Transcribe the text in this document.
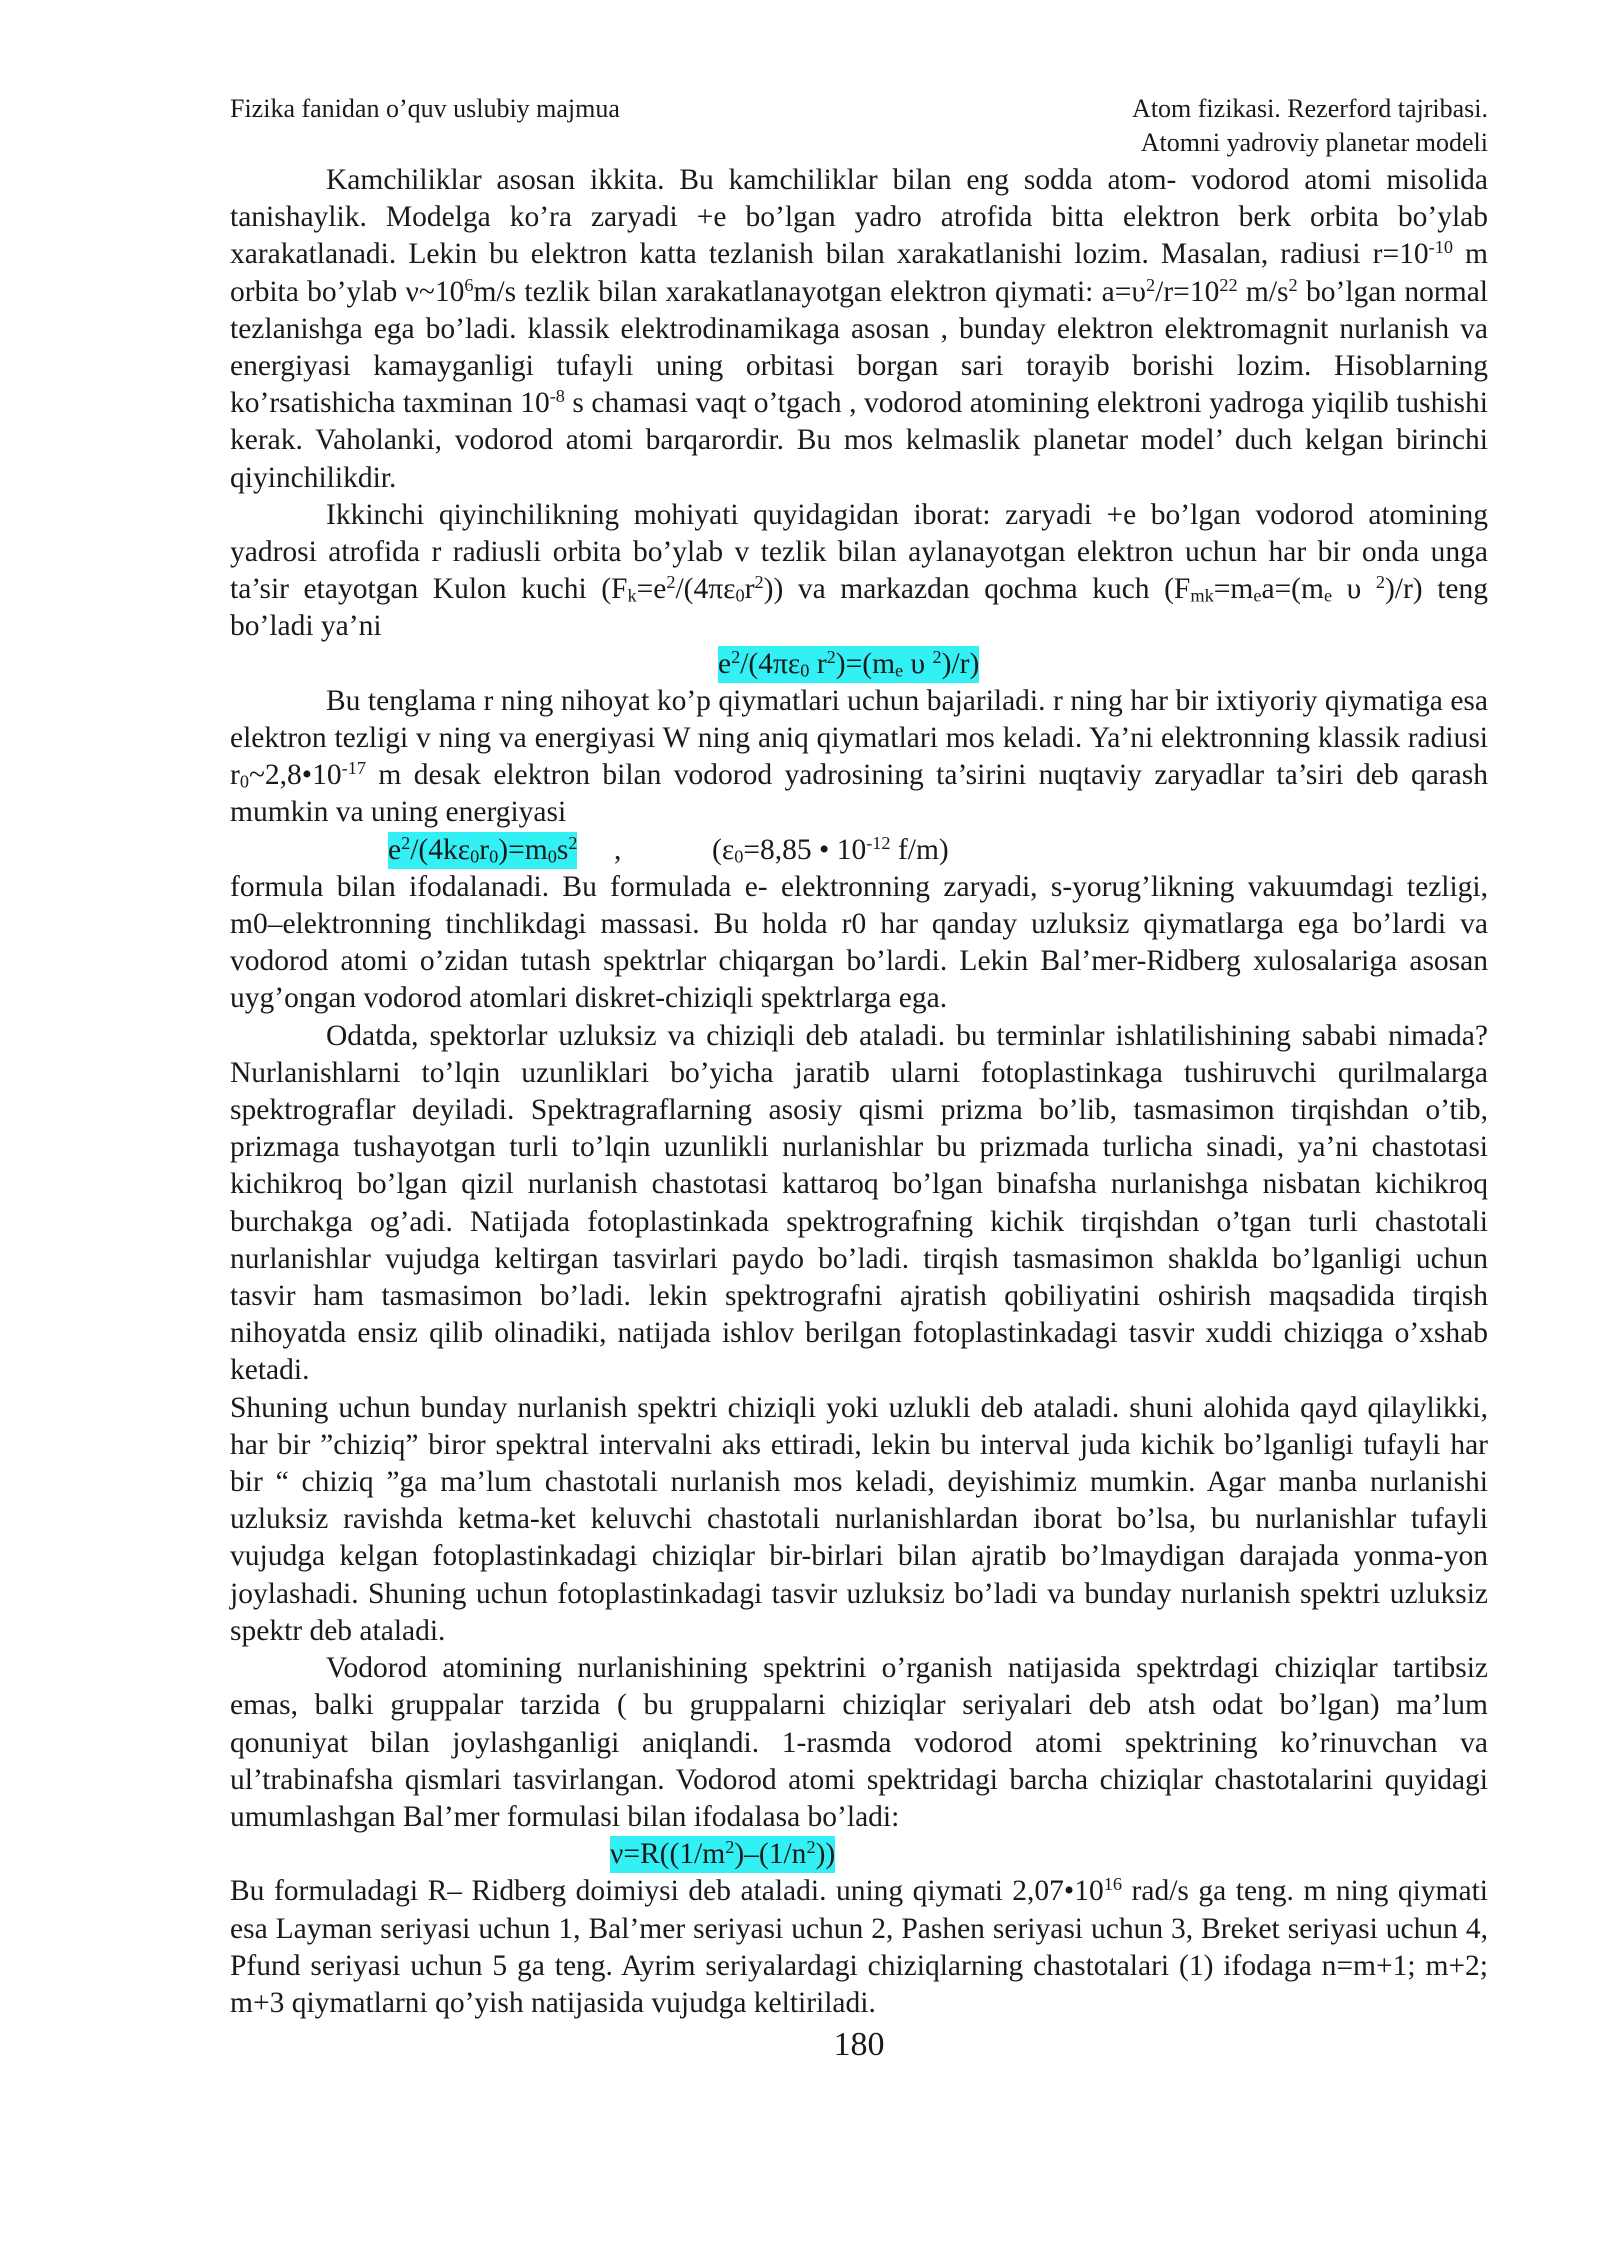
Fizika fanidan o’quv uslubiy majmua	Atom fizikasi. Rezerford tajribasi.
Atomni yadroviy planetar modeli

Kamchiliklar asosan ikkita. Bu kamchiliklar bilan eng sodda atom- vodorod atomi misolida tanishaylik. Modelga ko’ra zaryadi +e bo’lgan yadro atrofida bitta elektron berk orbita bo’ylab xarakatlanadi. Lekin bu elektron katta tezlanish bilan xarakatlanishi lozim. Masalan, radiusi $r=10^{-10}$ m orbita bo’ylab $\nu\sim 10^6m/s$ tezlik bilan xarakatlanayotgan elektron qiymati: $a=\upsilon^2/r=10^{22}$ $m/s^2$ bo’lgan normal tezlanishga ega bo’ladi. klassik elektrodinamikaga asosan , bunday elektron elektromagnit nurlanish va energiyasi kamayganligi tufayli uning orbitasi borgan sari torayib borishi lozim. Hisoblarning ko’rsatishicha taxminan $10^{-8}$ s chamasi vaqt o’tgach , vodorod atomining elektroni yadroga yiqilib tushishi kerak. Vaholanki, vodorod atomi barqarordir. Bu mos kelmaslik planetar model’ duch kelgan birinchi qiyinchilikdir.

Ikkinchi qiyinchilikning mohiyati quyidagidan iborat: zaryadi +e bo’lgan vodorod atomining yadrosi atrofida r radiusli orbita bo’ylab v tezlik bilan aylanayotgan elektron uchun har bir onda unga ta’sir etayotgan Kulon kuchi $(F_k=e^2/(4\pi\varepsilon_0r^2))$ va markazdan qochma kuch ($F_{mk}=m_ea=(m_e$ υ $^2$)/r) teng bo’ladi ya’ni

$e^2/(4\pi\varepsilon_0$ $r^2)=(m_e$ υ $^2$)/r)

Bu tenglama r ning nihoyat ko’p qiymatlari uchun bajariladi. r ning har bir ixtiyoriy qiymatiga esa elektron tezligi v ning va energiyasi W ning aniq qiymatlari mos keladi. Ya’ni elektronning klassik radiusi $r_0\sim 2,8•10^{-17}$ m desak elektron bilan vodorod yadrosining ta’sirini nuqtaviy zaryadlar ta’siri deb qarash mumkin va uning energiyasi

$e^2/(4k\varepsilon_0r_0)=m_0s^2$ ,	($\varepsilon_0=8,85$ • $10^{-12}$ f/m)

formula bilan ifodalanadi. Bu formulada e- elektronning zaryadi, s-yorug’likning vakuumdagi tezligi, m0–elektronning tinchlikdagi massasi. Bu holda r0 har qanday uzluksiz qiymatlarga ega bo’lardi va vodorod atomi o’zidan tutash spektrlar chiqargan bo’lardi. Lekin Bal’mer-Ridberg xulosalariga asosan uyg’ongan vodorod atomlari diskret-chiziqli spektrlarga ega.

Odatda, spektorlar uzluksiz va chiziqli deb ataladi. bu terminlar ishlatilishining sababi nimada? Nurlanishlarni to’lqin uzunliklari bo’yicha jaratib ularni fotoplastinkaga tushiruvchi qurilmalarga spektrograflar deyiladi. Spektragraflarning asosiy qismi prizma bo’lib, tasmasimon tirqishdan o’tib, prizmaga tushayotgan turli to’lqin uzunlikli nurlanishlar bu prizmada turlicha sinadi, ya’ni chastotasi kichikroq bo’lgan qizil nurlanish chastotasi kattaroq bo’lgan binafsha nurlanishga nisbatan kichikroq burchakga og’adi. Natijada fotoplastinkada spektrografning kichik tirqishdan o’tgan turli chastotali nurlanishlar vujudga keltirgan tasvirlari paydo bo’ladi. tirqish tasmasimon shaklda bo’lganligi uchun tasvir ham tasmasimon bo’ladi. lekin spektrografni ajratish qobiliyatini oshirish maqsadida tirqish nihoyatda ensiz qilib olinadiki, natijada ishlov berilgan fotoplastinkadagi tasvir xuddi chiziqga o’xshab ketadi.

Shuning uchun bunday nurlanish spektri chiziqli yoki uzlukli deb ataladi. shuni alohida qayd qilaylikki, har bir ”chiziq” biror spektral intervalni aks ettiradi, lekin bu interval juda kichik bo’lganligi tufayli har bir “ chiziq ”ga ma’lum chastotali nurlanish mos keladi, deyishimiz mumkin. Agar manba nurlanishi uzluksiz ravishda ketma-ket keluvchi chastotali nurlanishlardan iborat bo’lsa, bu nurlanishlar tufayli vujudga kelgan fotoplastinkadagi chiziqlar bir-birlari bilan ajratib bo’lmaydigan darajada yonma-yon joylashadi. Shuning uchun fotoplastinkadagi tasvir uzluksiz bo’ladi va bunday nurlanish spektri uzluksiz spektr deb ataladi.

Vodorod atomining nurlanishining spektrini o’rganish natijasida spektrdagi chiziqlar tartibsiz emas, balki gruppalar tarzida ( bu gruppalarni chiziqlar seriyalari deb atsh odat bo’lgan) ma’lum qonuniyat bilan joylashganligi aniqlandi. 1-rasmda vodorod atomi spektrining ko’rinuvchan va ul’trabinafsha qismlari tasvirlangan. Vodorod atomi spektridagi barcha chiziqlar chastotalarini quyidagi umumlashgan Bal’mer formulasi bilan ifodalasa bo’ladi:

$\nu=R((1/m^2)-(1/n^2))$

Bu formuladagi R– Ridberg doimiysi deb ataladi. uning qiymati $2,07•10^{16}$ rad/s ga teng. m ning qiymati esa Layman seriyasi uchun 1, Bal’mer seriyasi uchun 2, Pashen seriyasi uchun 3, Breket seriyasi uchun 4, Pfund seriyasi uchun 5 ga teng. Ayrim seriyalardagi chiziqlarning chastotalari (1) ifodaga n=m+1; m+2; m+3 qiymatlarni qo’yish natijasida vujudga keltiriladi.

180
